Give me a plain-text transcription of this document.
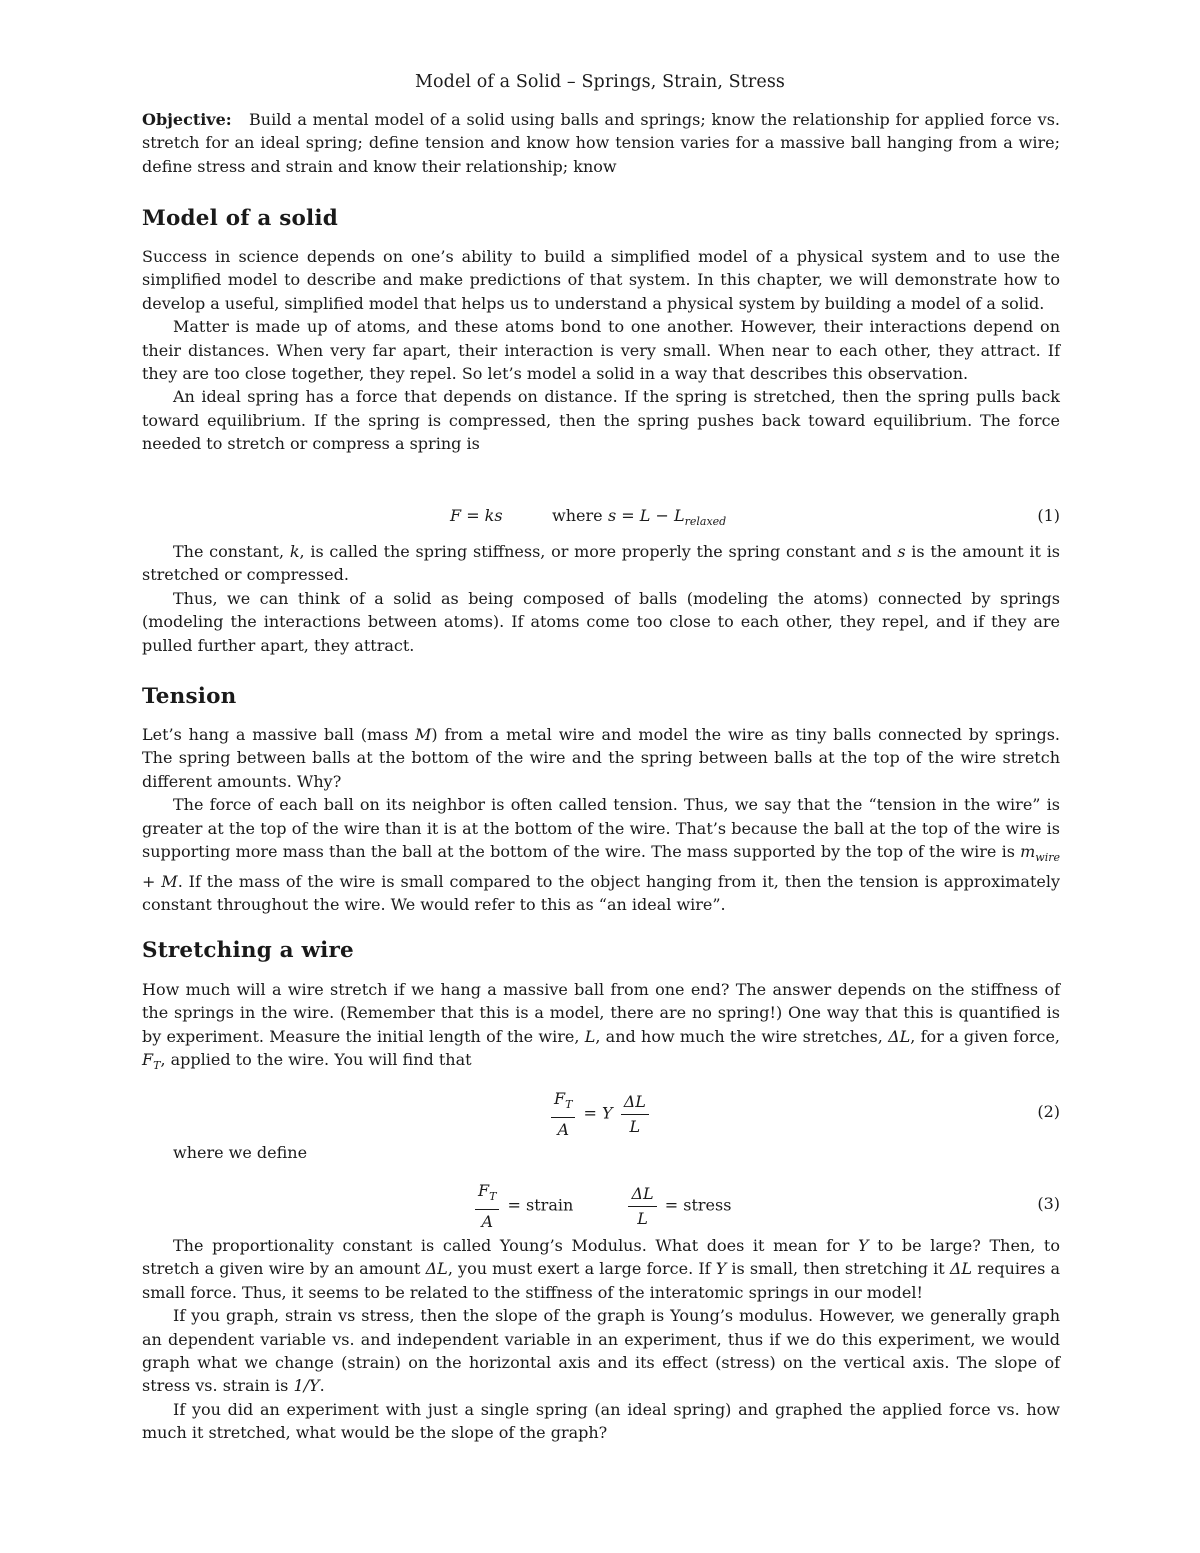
Model of a Solid – Springs, Strain, Stress

Objective: Build a mental model of a solid using balls and springs; know the relationship for applied force vs. stretch for an ideal spring; define tension and know how tension varies for a massive ball hanging from a wire; define stress and strain and know their relationship; know

Model of a solid

Success in science depends on one’s ability to build a simplified model of a physical system and to use the simplified model to describe and make predictions of that system. In this chapter, we will demonstrate how to develop a useful, simplified model that helps us to understand a physical system by building a model of a solid.

Matter is made up of atoms, and these atoms bond to one another. However, their interactions depend on their distances. When very far apart, their interaction is very small. When near to each other, they attract. If they are too close together, they repel. So let’s model a solid in a way that describes this observation.

An ideal spring has a force that depends on distance. If the spring is stretched, then the spring pulls back toward equilibrium. If the spring is compressed, then the spring pushes back toward equilibrium. The force needed to stretch or compress a spring is

F = ks	where $s = L - L_{relaxed}$	(1)

The constant, k, is called the spring stiffness, or more properly the spring constant and s is the amount it is stretched or compressed.

Thus, we can think of a solid as being composed of balls (modeling the atoms) connected by springs (modeling the interactions between atoms). If atoms come too close to each other, they repel, and if they are pulled further apart, they attract.

Tension

Let’s hang a massive ball (mass M) from a metal wire and model the wire as tiny balls connected by springs. The spring between balls at the bottom of the wire and the spring between balls at the top of the wire stretch different amounts. Why?

The force of each ball on its neighbor is often called tension. Thus, we say that the “tension in the wire” is greater at the top of the wire than it is at the bottom of the wire. That’s because the ball at the top of the wire is supporting more mass than the ball at the bottom of the wire. The mass supported by the top of the wire is $m_{wire} + M$. If the mass of the wire is small compared to the object hanging from it, then the tension is approximately constant throughout the wire. We would refer to this as “an ideal wire”.

Stretching a wire

How much will a wire stretch if we hang a massive ball from one end? The answer depends on the stiffness of the springs in the wire. (Remember that this is a model, there are no spring!) One way that this is quantified is by experiment. Measure the initial length of the wire, L, and how much the wire stretches, ΔL, for a given force, $F_T$, applied to the wire. You will find that

$\frac{F_T}{A} = Y \frac{\Delta L}{L}$	(2)
where we define
$\frac{F_T}{A}$ = strain	$\frac{\Delta L}{L}$ = stress	(3)

The proportionality constant is called Young’s Modulus. What does it mean for Y to be large? Then, to stretch a given wire by an amount ΔL, you must exert a large force. If Y is small, then stretching it ΔL requires a small force. Thus, it seems to be related to the stiffness of the interatomic springs in our model!

If you graph, strain vs stress, then the slope of the graph is Young’s modulus. However, we generally graph an dependent variable vs. and independent variable in an experiment, thus if we do this experiment, we would graph what we change (strain) on the horizontal axis and its effect (stress) on the vertical axis. The slope of stress vs. strain is 1/Y.

If you did an experiment with just a single spring (an ideal spring) and graphed the applied force vs. how much it stretched, what would be the slope of the graph?
